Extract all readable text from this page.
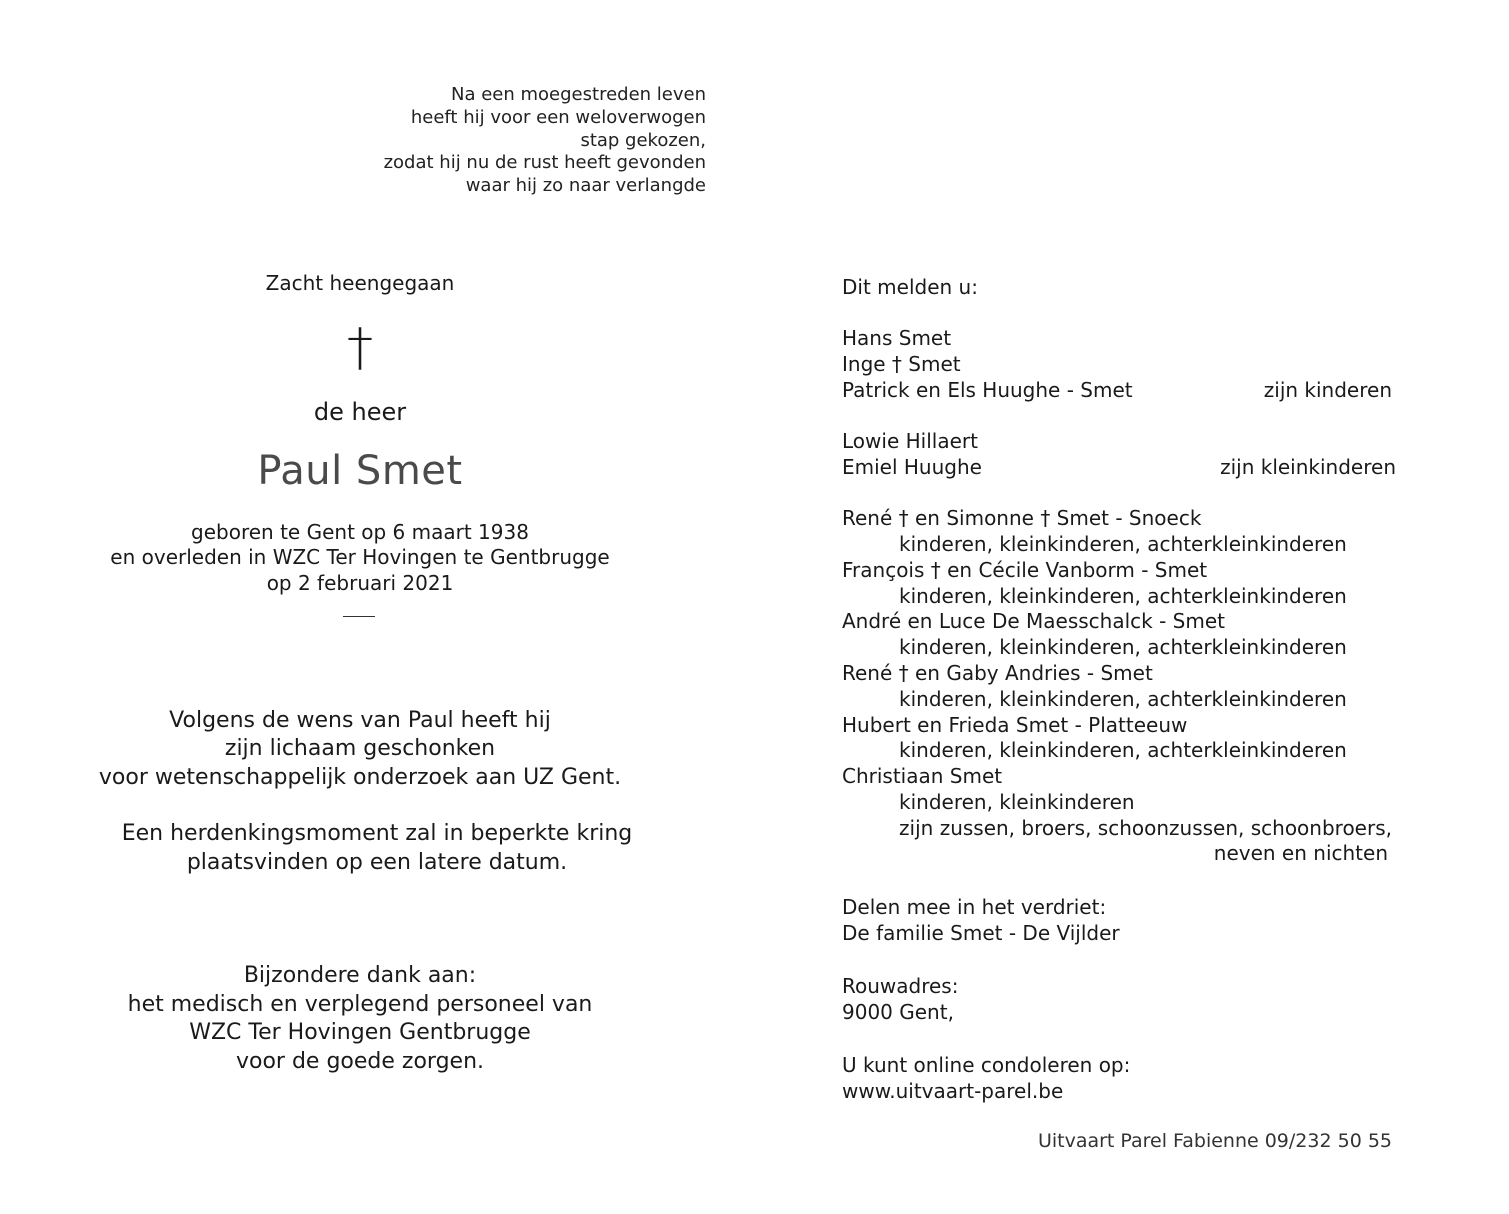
Na een moegestreden leven
heeft hij voor een weloverwogen
stap gekozen,
zodat hij nu de rust heeft gevonden
waar hij zo naar verlangde
Zacht heengegaan
†
de heer
Paul Smet
geboren te Gent op 6 maart 1938
en overleden in WZC Ter Hovingen te Gentbrugge
op 2 februari 2021
Volgens de wens van Paul heeft hij
zijn lichaam geschonken
voor wetenschappelijk onderzoek aan UZ Gent.
Een herdenkingsmoment zal in beperkte kring
plaatsvinden op een latere datum.
Bijzondere dank aan:
het medisch en verplegend personeel van
WZC Ter Hovingen Gentbrugge
voor de goede zorgen.
Dit melden u:
Hans Smet
Inge † Smet
Patrick en Els Huughe - Smet	zijn kinderen
Lowie Hillaert
Emiel Huughe	zijn kleinkinderen
René † en Simonne † Smet - Snoeck
kinderen, kleinkinderen, achterkleinkinderen
François † en Cécile Vanborm - Smet
kinderen, kleinkinderen, achterkleinkinderen
André en Luce De Maesschalck - Smet
kinderen, kleinkinderen, achterkleinkinderen
René † en Gaby Andries - Smet
kinderen, kleinkinderen, achterkleinkinderen
Hubert en Frieda Smet - Platteeuw
kinderen, kleinkinderen, achterkleinkinderen
Christiaan Smet
kinderen, kleinkinderen
zijn zussen, broers, schoonzussen, schoonbroers,
neven en nichten
Delen mee in het verdriet:
De familie Smet - De Vijlder
Rouwadres:
9000 Gent,
U kunt online condoleren op:
www.uitvaart-parel.be
Uitvaart Parel Fabienne 09/232 50 55
